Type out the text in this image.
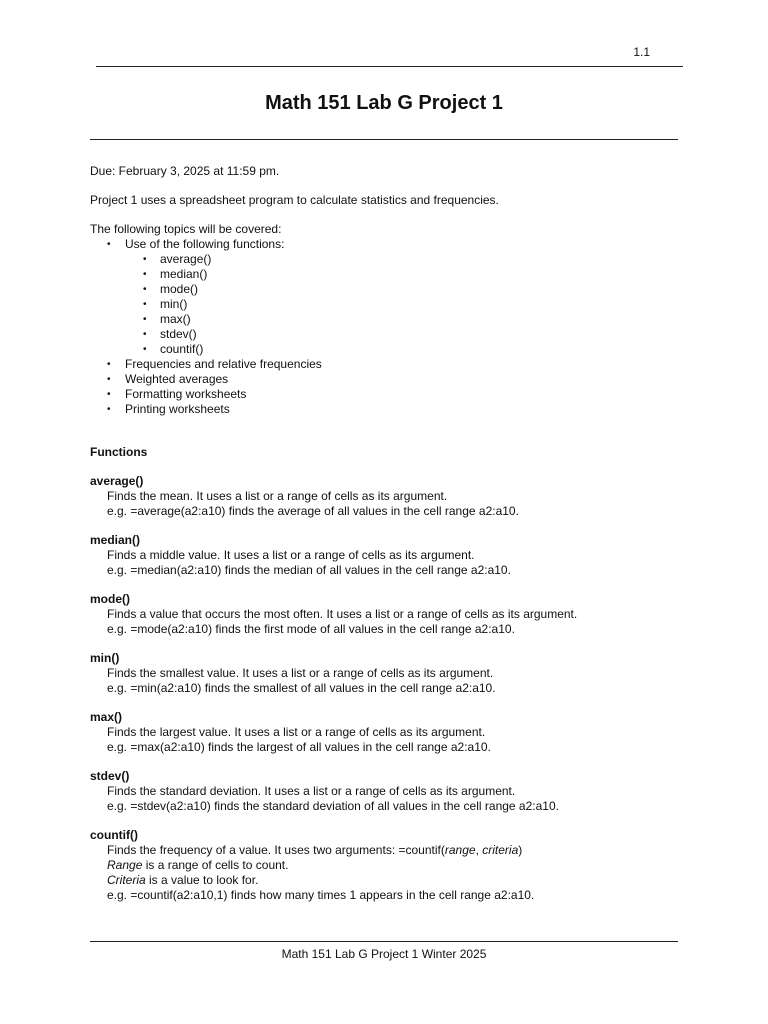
1.1
Math 151 Lab G Project 1

Due: February 3, 2025 at 11:59 pm.

Project 1 uses a spreadsheet program to calculate statistics and frequencies.

The following topics will be covered:

• Use of the following functions:
• average()
• median()
• mode()
• min()
• max()
• stdev()
• countif()
• Frequencies and relative frequencies
• Weighted averages
• Formatting worksheets
• Printing worksheets

Functions

average()
Finds the mean. It uses a list or a range of cells as its argument.
e.g. =average(a2:a10) finds the average of all values in the cell range a2:a10.
median()
Finds a middle value. It uses a list or a range of cells as its argument.
e.g. =median(a2:a10) finds the median of all values in the cell range a2:a10.
mode()
Finds a value that occurs the most often. It uses a list or a range of cells as its argument.
e.g. =mode(a2:a10) finds the first mode of all values in the cell range a2:a10.
min()
Finds the smallest value. It uses a list or a range of cells as its argument.
e.g. =min(a2:a10) finds the smallest of all values in the cell range a2:a10.
max()
Finds the largest value. It uses a list or a range of cells as its argument.
e.g. =max(a2:a10) finds the largest of all values in the cell range a2:a10.
stdev()
Finds the standard deviation. It uses a list or a range of cells as its argument.
e.g. =stdev(a2:a10) finds the standard deviation of all values in the cell range a2:a10.
countif()
Finds the frequency of a value. It uses two arguments: =countif(range, criteria)
Range is a range of cells to count.
Criteria is a value to look for.
e.g. =countif(a2:a10,1) finds how many times 1 appears in the cell range a2:a10.
Math 151 Lab G Project 1 Winter 2025
